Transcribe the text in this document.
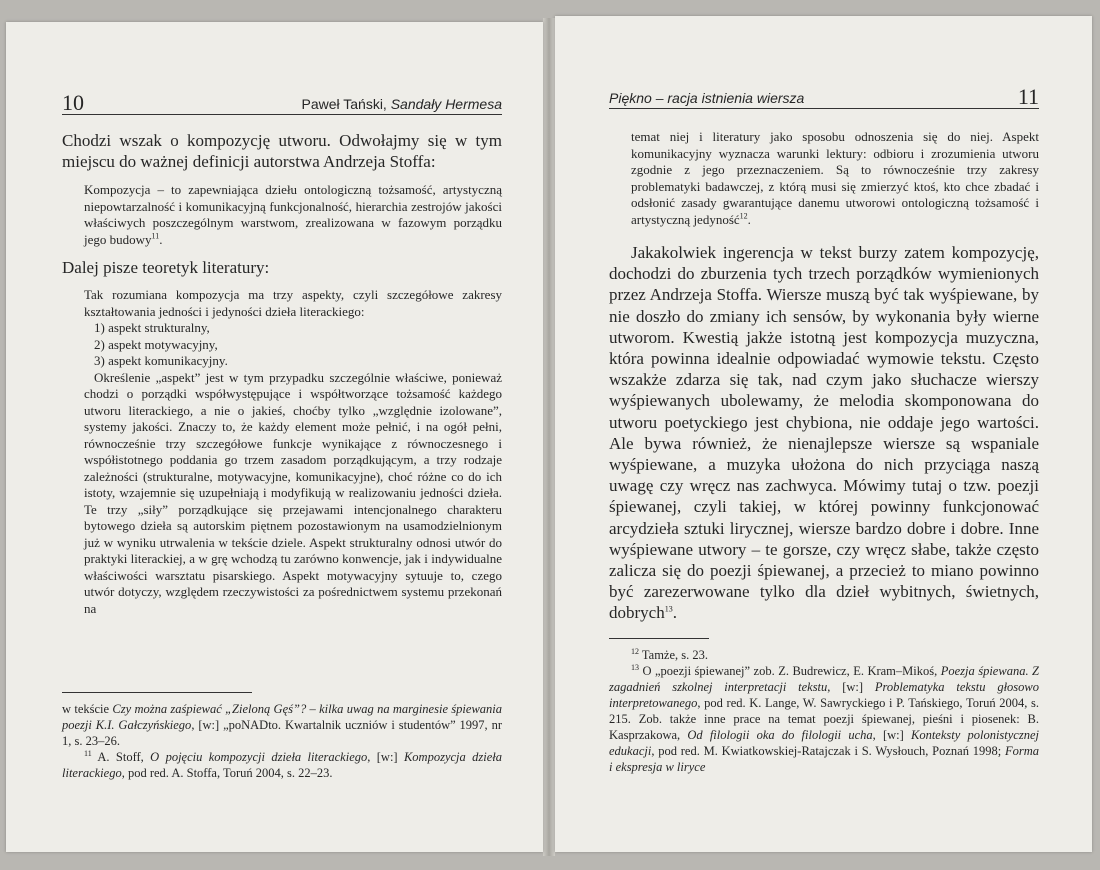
10	Paweł Tański, Sandały Hermesa

Chodzi wszak o kompozycję utworu. Odwołajmy się w tym miejscu do ważnej definicji autorstwa Andrzeja Stoffa:

Kompozycja – to zapewniająca dziełu ontologiczną tożsamość, artystyczną niepowtarzalność i komunikacyjną funkcjonalność, hierarchia zestrojów jakości właściwych poszczególnym warstwom, zrealizowana w fazowym porządku jego budowy$^{11}$.

Dalej pisze teoretyk literatury:

Tak rozumiana kompozycja ma trzy aspekty, czyli szczegółowe zakresy kształtowania jedności i jedyności dzieła literackiego:

1) aspekt strukturalny,

2) aspekt motywacyjny,

3) aspekt komunikacyjny.

Określenie „aspekt” jest w tym przypadku szczególnie właściwe, ponieważ chodzi o porządki współwystępujące i współtworzące tożsamość każdego utworu literackiego, a nie o jakieś, choćby tylko „względnie izolowane”, systemy jakości. Znaczy to, że każdy element może pełnić, i na ogół pełni, równocześnie trzy szczegółowe funkcje wynikające z równoczesnego i współistotnego poddania go trzem zasadom porządkującym, a trzy rodzaje zależności (strukturalne, motywacyjne, komunikacyjne), choć różne co do ich istoty, wzajemnie się uzupełniają i modyfikują w realizowaniu jedności dzieła. Te trzy „siły” porządkujące się przejawami intencjonalnego charakteru bytowego dzieła są autorskim piętnem pozostawionym na usamodzielnionym już w wyniku utrwalenia w tekście dziele. Aspekt strukturalny odnosi utwór do praktyki literackiej, a w grę wchodzą tu zarówno konwencje, jak i indywidualne właściwości warsztatu pisarskiego. Aspekt motywacyjny sytuuje to, czego utwór dotyczy, względem rzeczywistości za pośrednictwem systemu przekonań na

w tekście Czy można zaśpiewać „Zieloną Gęś”? – kilka uwag na marginesie śpiewania poezji K.I. Gałczyńskiego, [w:] „poNADto. Kwartalnik uczniów i studentów” 1997, nr 1, s. 23–26.

$^{11}$ A. Stoff, O pojęciu kompozycji dzieła literackiego, [w:] Kompozycja dzieła literackiego, pod red. A. Stoffa, Toruń 2004, s. 22–23.

Piękno – racja istnienia wiersza	11

temat niej i literatury jako sposobu odnoszenia się do niej. Aspekt komunikacyjny wyznacza warunki lektury: odbioru i zrozumienia utworu zgodnie z jego przeznaczeniem. Są to równocześnie trzy zakresy problematyki badawczej, z którą musi się zmierzyć ktoś, kto chce zbadać i odsłonić zasady gwarantujące danemu utworowi ontologiczną tożsamość i artystyczną jedyność$^{12}$.

Jakakolwiek ingerencja w tekst burzy zatem kompozycję, dochodzi do zburzenia tych trzech porządków wymienionych przez Andrzeja Stoffa. Wiersze muszą być tak wyśpiewane, by nie doszło do zmiany ich sensów, by wykonania były wierne utworom. Kwestią jakże istotną jest kompozycja muzyczna, która powinna idealnie odpowiadać wymowie tekstu. Często wszakże zdarza się tak, nad czym jako słuchacze wierszy wyśpiewanych ubolewamy, że melodia skomponowana do utworu poetyckiego jest chybiona, nie oddaje jego wartości. Ale bywa również, że nienajlepsze wiersze są wspaniale wyśpiewane, a muzyka ułożona do nich przyciąga naszą uwagę czy wręcz nas zachwyca. Mówimy tutaj o tzw. poezji śpiewanej, czyli takiej, w której powinny funkcjonować arcydzieła sztuki lirycznej, wiersze bardzo dobre i dobre. Inne wyśpiewane utwory – te gorsze, czy wręcz słabe, także często zalicza się do poezji śpiewanej, a przecież to miano powinno być zarezerwowane tylko dla dzieł wybitnych, świetnych, dobrych$^{13}$.

$^{12}$ Tamże, s. 23.

$^{13}$ O „poezji śpiewanej” zob. Z. Budrewicz, E. Kram–Mikoś, Poezja śpiewana. Z zagadnień szkolnej interpretacji tekstu, [w:] Problematyka tekstu głosowo interpretowanego, pod red. K. Lange, W. Sawryckiego i P. Tańskiego, Toruń 2004, s. 215. Zob. także inne prace na temat poezji śpiewanej, pieśni i piosenek: B. Kasprzakowa, Od filologii oka do filologii ucha, [w:] Konteksty polonistycznej edukacji, pod red. M. Kwiatkowskiej-Ratajczak i S. Wysłouch, Poznań 1998; Forma i ekspresja w liryce
